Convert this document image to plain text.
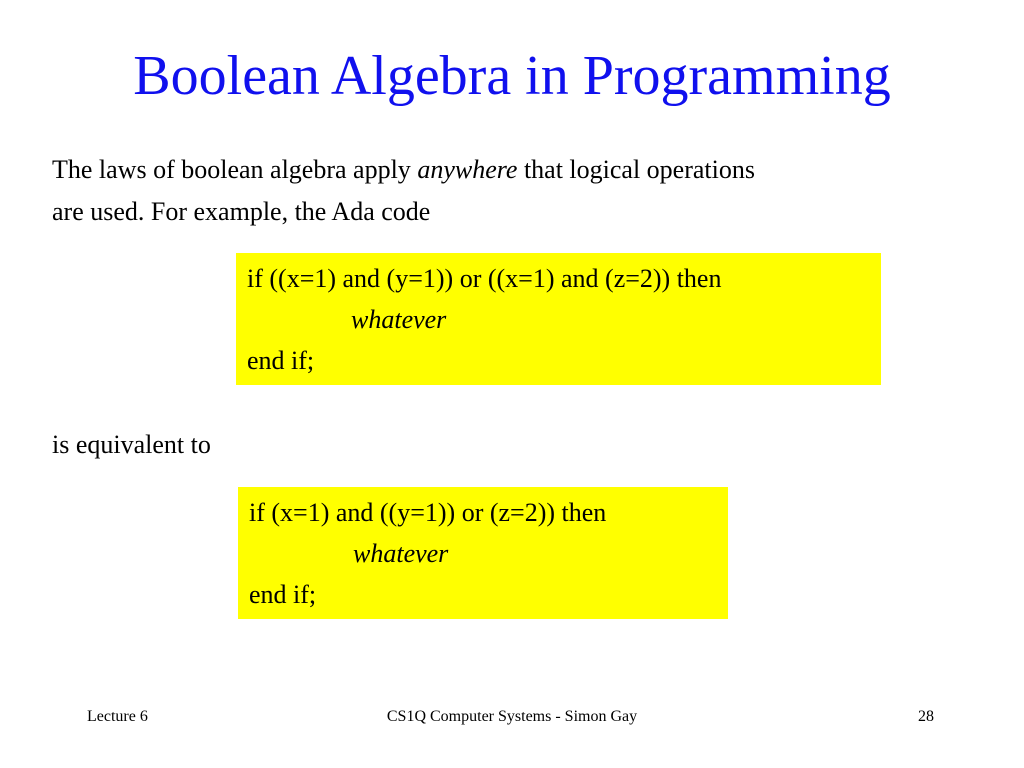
Boolean Algebra in Programming
The laws of boolean algebra apply anywhere that logical operations
are used. For example, the Ada code
if ((x=1) and (y=1)) or ((x=1) and (z=2)) then
whatever
end if;
is equivalent to
if (x=1) and ((y=1)) or (z=2)) then
whatever
end if;
Lecture 6	CS1Q Computer Systems - Simon Gay	28
